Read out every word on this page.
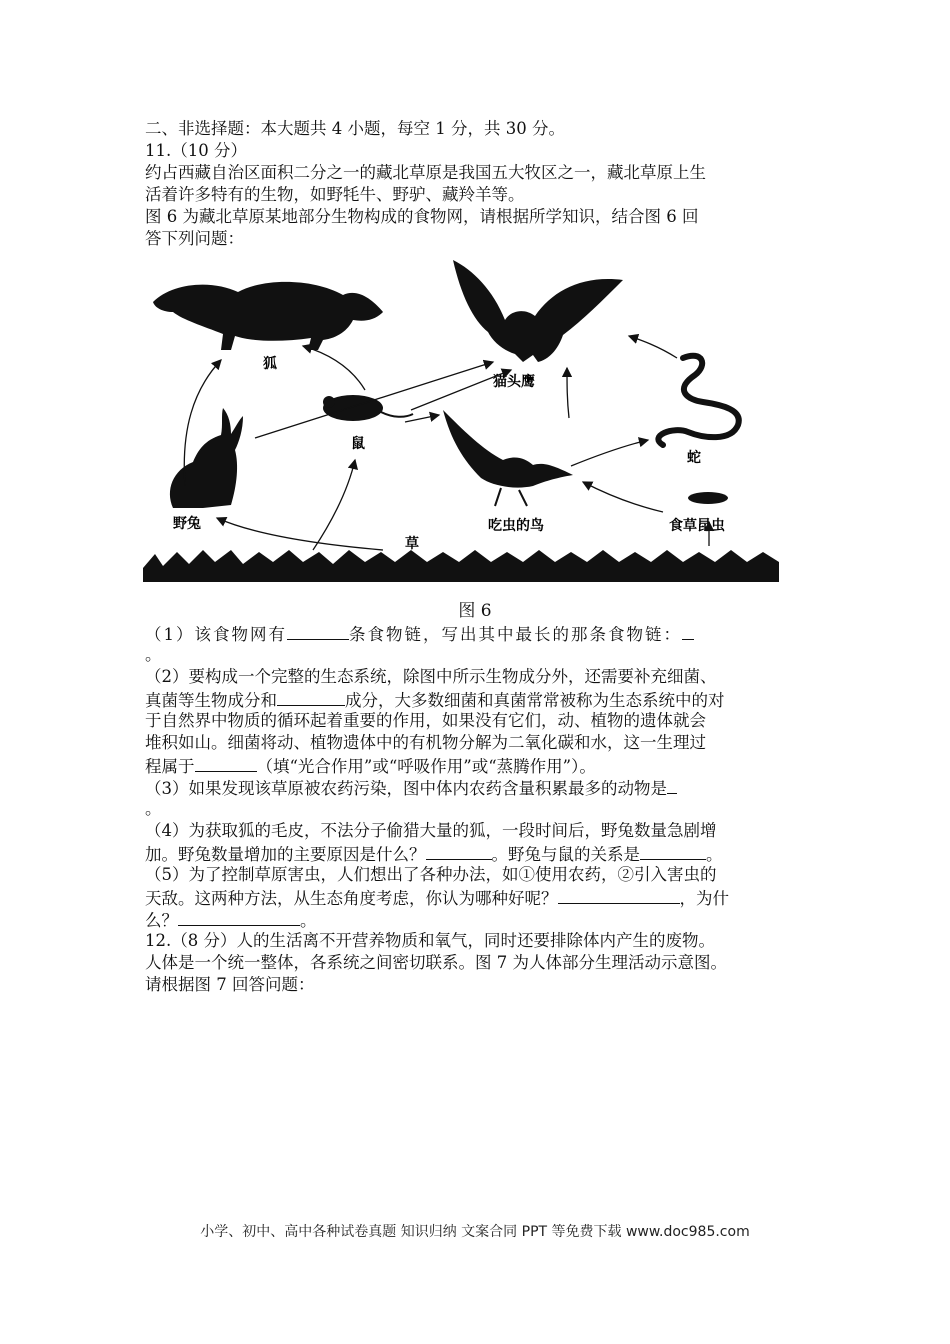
二、非选择题：本大题共 4 小题，每空 1 分，共 30 分。
11.（10 分）
约占西藏自治区面积二分之一的藏北草原是我国五大牧区之一，藏北草原上生
活着许多特有的生物，如野牦牛、野驴、藏羚羊等。
图 6 为藏北草原某地部分生物构成的食物网，请根据所学知识，结合图 6 回
答下列问题：
狐
猫头鹰
蛇
鼠
野兔	吃虫的鸟	食草昆虫
草
图 6
（1）该食物网有	条食物链，写出其中最长的那条食物链：
。
（2）要构成一个完整的生态系统，除图中所示生物成分外，还需要补充细菌、
真菌等生物成分和	成分，大多数细菌和真菌常常被称为生态系统中的对
于自然界中物质的循环起着重要的作用，如果没有它们，动、植物的遗体就会
堆积如山。细菌将动、植物遗体中的有机物分解为二氧化碳和水，这一生理过
程属于	（填“光合作用”或“呼吸作用”或“蒸腾作用”）。
（3）如果发现该草原被农药污染，图中体内农药含量积累最多的动物是
。
（4）为获取狐的毛皮，不法分子偷猎大量的狐，一段时间后，野兔数量急剧增
加。野兔数量增加的主要原因是什么？	。野兔与鼠的关系是	。
（5）为了控制草原害虫，人们想出了各种办法，如①使用农药，②引入害虫的
天敌。这两种方法，从生态角度考虑，你认为哪种好呢？	，为什
么？	。
12.（8 分）人的生活离不开营养物质和氧气，同时还要排除体内产生的废物。
人体是一个统一整体，各系统之间密切联系。图 7 为人体部分生理活动示意图。
请根据图 7 回答问题：
小学、初中、高中各种试卷真题 知识归纳 文案合同 PPT 等免费下载 www.doc985.com
